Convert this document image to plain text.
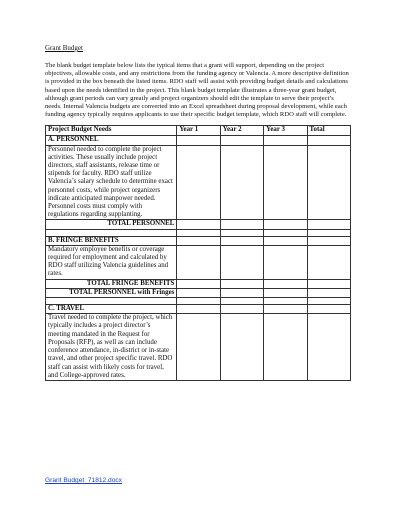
Grant Budget

The blank budget template below lists the typical items that a grant will support, depending on the project objectives, allowable costs, and any restrictions from the funding agency or Valencia. A more descriptive definition is provided in the box beneath the listed items. RDO staff will assist with providing budget details and calculations based upon the needs identified in the project. This blank budget template illustrates a three-year grant budget, although grant periods can vary greatly and project organizers should edit the template to serve their project’s needs. Internal Valencia budgets are converted into an Excel spreadsheet during proposal development, while each funding agency typically requires applicants to use their specific budget template, which RDO staff will complete.

Project Budget Needs	Year 1	Year 2	Year 3	Total
A. PERSONNEL				
Personnel needed to complete the project activities. These usually include project directors, staff assistants, release time or stipends for faculty. RDO staff utilize Valencia’s salary schedule to determine exact personnel costs, while project organizers indicate anticipated manpower needed. Personnel costs must comply with regulations regarding supplanting.				
TOTAL PERSONNEL				

B. FRINGE BENEFITS				
Mandatory employee benefits or coverage required for employment and calculated by RDO staff utilizing Valencia guidelines and rates.				
TOTAL FRINGE BENEFITS				
TOTAL PERSONNEL with Fringes				

C. TRAVEL				
Travel needed to complete the project, which typically includes a project director’s meeting mandated in the Request for Proposals (RFP), as well as can include conference attendance, in-district or in-state travel, and other project specific travel. RDO staff can assist with likely costs for travel, and College-approved rates.				
Grant Budget_71812.docx
